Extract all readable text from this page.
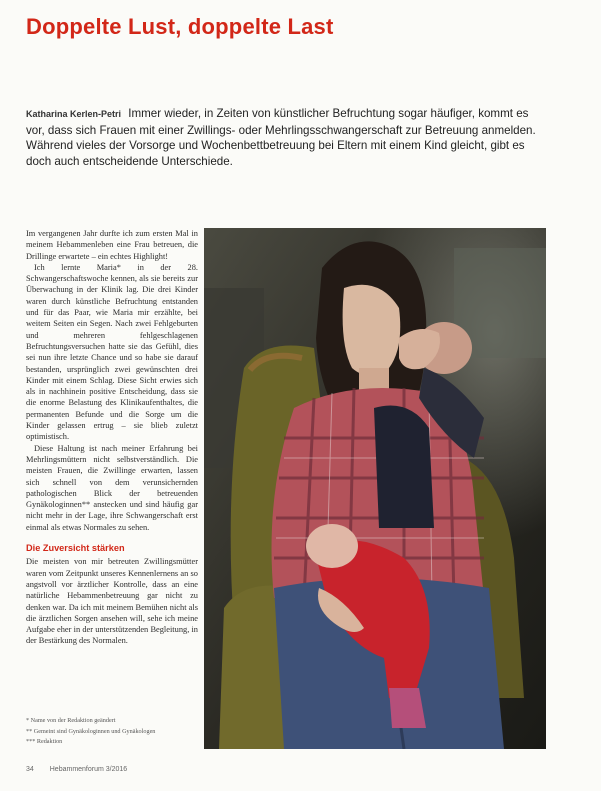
Doppelte Lust, doppelte Last
Katharina Kerlen-Petri Immer wieder, in Zeiten von künstlicher Befruchtung sogar häufiger, kommt es vor, dass sich Frauen mit einer Zwillings- oder Mehrlingsschwangerschaft zur Betreuung anmelden. Während vieles der Vorsorge und Wochenbettbetreuung bei Eltern mit einem Kind gleicht, gibt es doch auch entscheidende Unterschiede.

Im vergangenen Jahr durfte ich zum ersten Mal in meinem Hebammenleben eine Frau betreuen, die Drillinge erwartete – ein echtes Highlight!

Ich lernte Maria* in der 28. Schwangerschaftswoche kennen, als sie bereits zur Überwachung in der Klinik lag. Die drei Kinder waren durch künstliche Befruchtung entstanden und für das Paar, wie Maria mir erzählte, bei weitem Seiten ein Segen. Nach zwei Fehlgeburten und mehreren fehlgeschlagenen Befruchtungsversuchen hatte sie das Gefühl, dies sei nun ihre letzte Chance und so habe sie darauf bestanden, ursprünglich zwei gewünschten drei Kinder mit einem Schlag. Diese Sicht erwies sich als in nachhinein positive Entscheidung, dass sie die enorme Belastung des Klinikaufenthaltes, die permanenten Befunde und die Sorge um die Kinder gelassen ertrug – sie blieb zuletzt optimistisch.

Diese Haltung ist nach meiner Erfahrung bei Mehrlingsmüttern nicht selbstverständlich. Die meisten Frauen, die Zwillinge erwarten, lassen sich schnell von dem verunsichernden pathologischen Blick der betreuenden Gynäkologinnen** anstecken und sind häufig gar nicht mehr in der Lage, ihre Schwangerschaft erst einmal als etwas Normales zu sehen.

Die Zuversicht stärken

Die meisten von mir betreuten Zwillingsmütter waren vom Zeitpunkt unseres Kennenlernens an so angstvoll vor ärztlicher Kontrolle, dass an eine natürliche Hebammenbetreuung gar nicht zu denken war. Da ich mit meinem Bemühen nicht als die ärztlichen Sorgen ansehen will, sehe ich meine Aufgabe eher in der unterstützenden Begleitung, in der Bestärkung des Normalen.

* Name von der Redaktion geändert
** Gemeint sind Gynäkologinnen und Gynäkologen
*** Redaktion
34 Hebammenforum 3/2016
